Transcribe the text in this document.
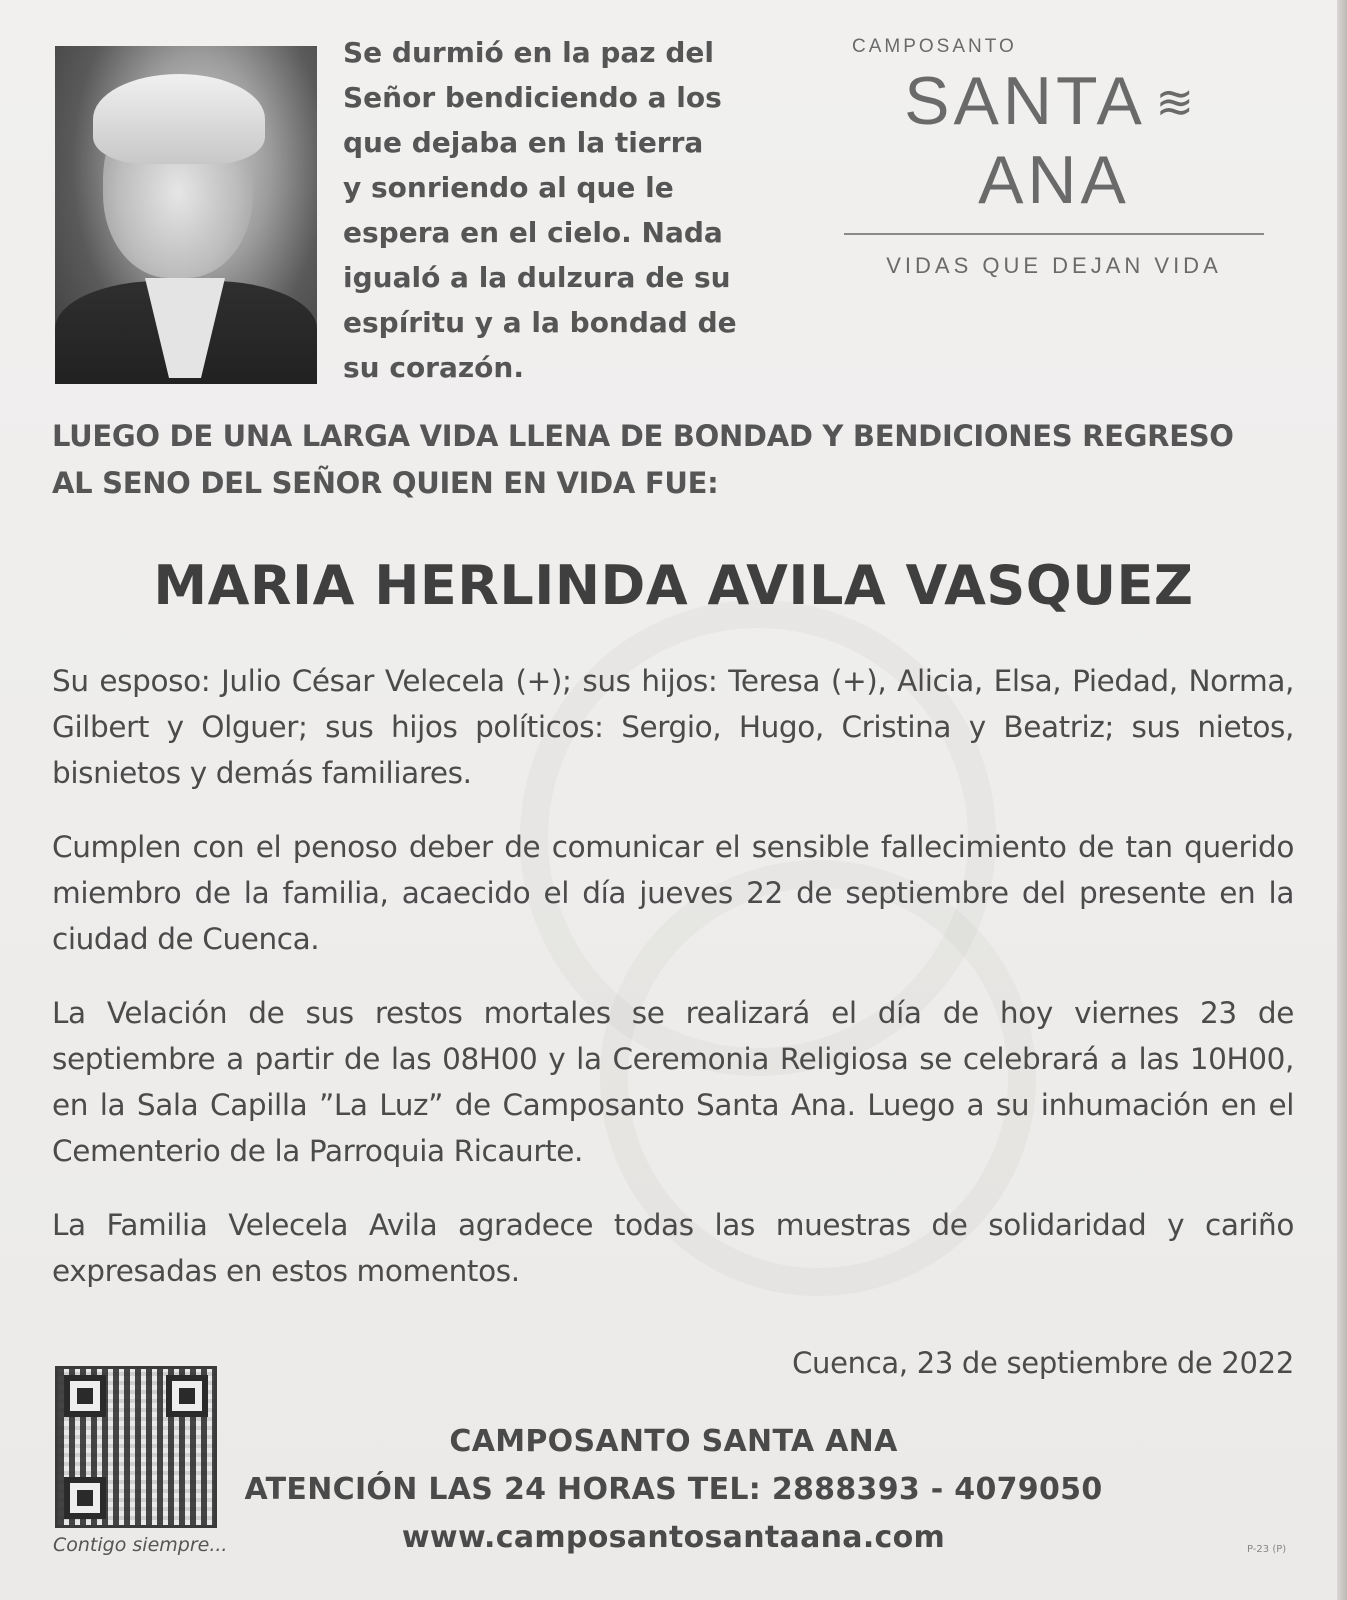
Se durmió en la paz del
Señor bendiciendo a los
que dejaba en la tierra
y sonriendo al que le
espera en el cielo. Nada
igualó a la dulzura de su
espíritu y a la bondad de
su corazón.
CAMPOSANTO
SANTA ≋ANA
VIDAS QUE DEJAN VIDA
LUEGO DE UNA LARGA VIDA LLENA DE BONDAD Y BENDICIONES REGRESO
AL SENO DEL SEÑOR QUIEN EN VIDA FUE:
MARIA HERLINDA AVILA VASQUEZ
Su esposo: Julio César Velecela (+); sus hijos: Teresa (+), Alicia, Elsa, Piedad, Norma, Gilbert y Olguer; sus hijos políticos: Sergio, Hugo, Cristina y Beatriz; sus nietos, bisnietos y demás familiares.
Cumplen con el penoso deber de comunicar el sensible fallecimiento de tan querido miembro de la familia, acaecido el día jueves 22 de septiembre del presente en la ciudad de Cuenca.
La Velación de sus restos mortales se realizará el día de hoy viernes 23 de septiembre a partir de las 08H00 y la Ceremonia Religiosa se celebrará a las 10H00, en la Sala Capilla ”La Luz” de Camposanto Santa Ana. Luego a su inhumación en el Cementerio de la Parroquia Ricaurte.
La Familia Velecela Avila agradece todas las muestras de solidaridad y cariño expresadas en estos momentos.
Cuenca, 23 de septiembre de 2022
Contigo siempre...
CAMPOSANTO SANTA ANA
ATENCIÓN LAS 24 HORAS TEL: 2888393 - 4079050
www.camposantosantaana.com	P-23 (P)
